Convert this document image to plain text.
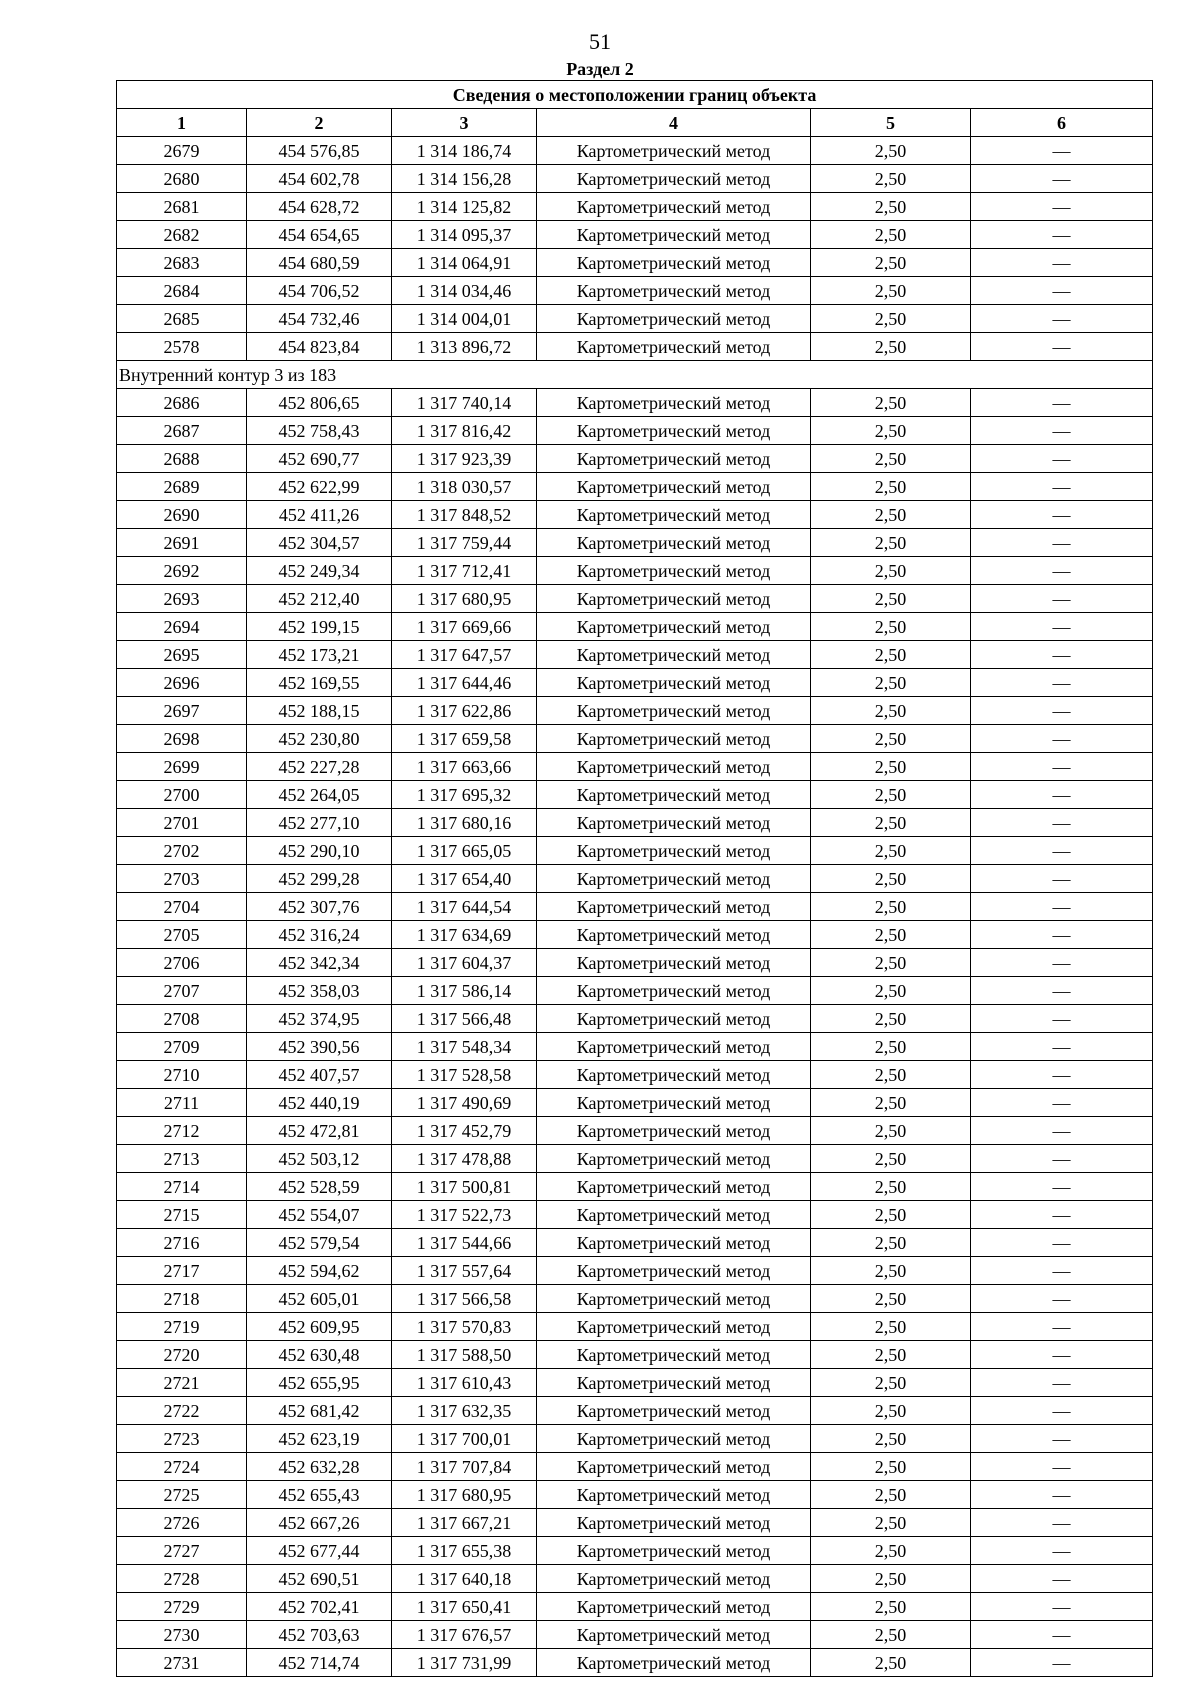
51
Раздел 2
Сведения о местоположении границ объекта					
1	2	3	4	5	6
2679	454 576,85	1 314 186,74	Картометрический метод	2,50	—
2680	454 602,78	1 314 156,28	Картометрический метод	2,50	—
2681	454 628,72	1 314 125,82	Картометрический метод	2,50	—
2682	454 654,65	1 314 095,37	Картометрический метод	2,50	—
2683	454 680,59	1 314 064,91	Картометрический метод	2,50	—
2684	454 706,52	1 314 034,46	Картометрический метод	2,50	—
2685	454 732,46	1 314 004,01	Картометрический метод	2,50	—
2578	454 823,84	1 313 896,72	Картометрический метод	2,50	—
Внутренний контур 3 из 183					
2686	452 806,65	1 317 740,14	Картометрический метод	2,50	—
2687	452 758,43	1 317 816,42	Картометрический метод	2,50	—
2688	452 690,77	1 317 923,39	Картометрический метод	2,50	—
2689	452 622,99	1 318 030,57	Картометрический метод	2,50	—
2690	452 411,26	1 317 848,52	Картометрический метод	2,50	—
2691	452 304,57	1 317 759,44	Картометрический метод	2,50	—
2692	452 249,34	1 317 712,41	Картометрический метод	2,50	—
2693	452 212,40	1 317 680,95	Картометрический метод	2,50	—
2694	452 199,15	1 317 669,66	Картометрический метод	2,50	—
2695	452 173,21	1 317 647,57	Картометрический метод	2,50	—
2696	452 169,55	1 317 644,46	Картометрический метод	2,50	—
2697	452 188,15	1 317 622,86	Картометрический метод	2,50	—
2698	452 230,80	1 317 659,58	Картометрический метод	2,50	—
2699	452 227,28	1 317 663,66	Картометрический метод	2,50	—
2700	452 264,05	1 317 695,32	Картометрический метод	2,50	—
2701	452 277,10	1 317 680,16	Картометрический метод	2,50	—
2702	452 290,10	1 317 665,05	Картометрический метод	2,50	—
2703	452 299,28	1 317 654,40	Картометрический метод	2,50	—
2704	452 307,76	1 317 644,54	Картометрический метод	2,50	—
2705	452 316,24	1 317 634,69	Картометрический метод	2,50	—
2706	452 342,34	1 317 604,37	Картометрический метод	2,50	—
2707	452 358,03	1 317 586,14	Картометрический метод	2,50	—
2708	452 374,95	1 317 566,48	Картометрический метод	2,50	—
2709	452 390,56	1 317 548,34	Картометрический метод	2,50	—
2710	452 407,57	1 317 528,58	Картометрический метод	2,50	—
2711	452 440,19	1 317 490,69	Картометрический метод	2,50	—
2712	452 472,81	1 317 452,79	Картометрический метод	2,50	—
2713	452 503,12	1 317 478,88	Картометрический метод	2,50	—
2714	452 528,59	1 317 500,81	Картометрический метод	2,50	—
2715	452 554,07	1 317 522,73	Картометрический метод	2,50	—
2716	452 579,54	1 317 544,66	Картометрический метод	2,50	—
2717	452 594,62	1 317 557,64	Картометрический метод	2,50	—
2718	452 605,01	1 317 566,58	Картометрический метод	2,50	—
2719	452 609,95	1 317 570,83	Картометрический метод	2,50	—
2720	452 630,48	1 317 588,50	Картометрический метод	2,50	—
2721	452 655,95	1 317 610,43	Картометрический метод	2,50	—
2722	452 681,42	1 317 632,35	Картометрический метод	2,50	—
2723	452 623,19	1 317 700,01	Картометрический метод	2,50	—
2724	452 632,28	1 317 707,84	Картометрический метод	2,50	—
2725	452 655,43	1 317 680,95	Картометрический метод	2,50	—
2726	452 667,26	1 317 667,21	Картометрический метод	2,50	—
2727	452 677,44	1 317 655,38	Картометрический метод	2,50	—
2728	452 690,51	1 317 640,18	Картометрический метод	2,50	—
2729	452 702,41	1 317 650,41	Картометрический метод	2,50	—
2730	452 703,63	1 317 676,57	Картометрический метод	2,50	—
2731	452 714,74	1 317 731,99	Картометрический метод	2,50	—
